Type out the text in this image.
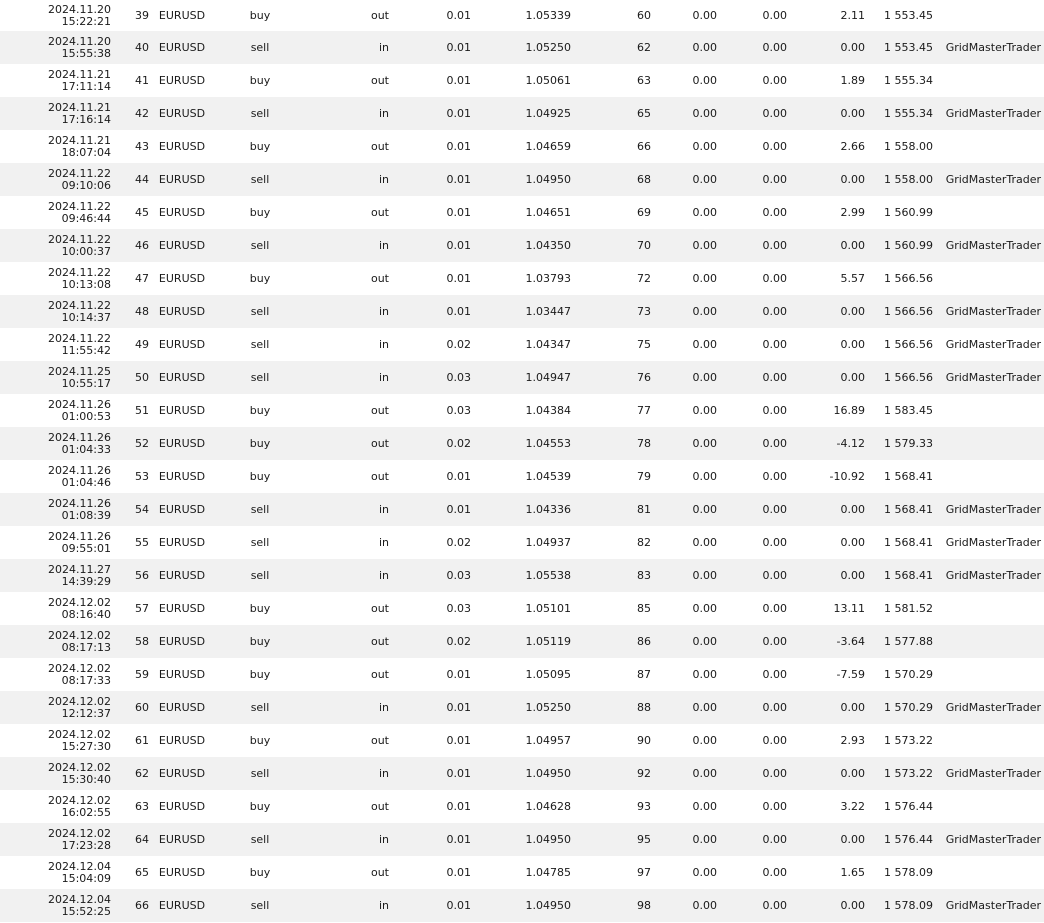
2024.11.20
15:22:21	39	EURUSD	buy	out	0.01	1.05339	60	0.00	0.00	2.11	1 553.45	

2024.11.20
15:55:38	40	EURUSD	sell	in	0.01	1.05250	62	0.00	0.00	0.00	1 553.45	GridMasterTrader

2024.11.21
17:11:14	41	EURUSD	buy	out	0.01	1.05061	63	0.00	0.00	1.89	1 555.34	

2024.11.21
17:16:14	42	EURUSD	sell	in	0.01	1.04925	65	0.00	0.00	0.00	1 555.34	GridMasterTrader

2024.11.21
18:07:04	43	EURUSD	buy	out	0.01	1.04659	66	0.00	0.00	2.66	1 558.00	

2024.11.22
09:10:06	44	EURUSD	sell	in	0.01	1.04950	68	0.00	0.00	0.00	1 558.00	GridMasterTrader

2024.11.22
09:46:44	45	EURUSD	buy	out	0.01	1.04651	69	0.00	0.00	2.99	1 560.99	

2024.11.22
10:00:37	46	EURUSD	sell	in	0.01	1.04350	70	0.00	0.00	0.00	1 560.99	GridMasterTrader

2024.11.22
10:13:08	47	EURUSD	buy	out	0.01	1.03793	72	0.00	0.00	5.57	1 566.56	

2024.11.22
10:14:37	48	EURUSD	sell	in	0.01	1.03447	73	0.00	0.00	0.00	1 566.56	GridMasterTrader

2024.11.22
11:55:42	49	EURUSD	sell	in	0.02	1.04347	75	0.00	0.00	0.00	1 566.56	GridMasterTrader

2024.11.25
10:55:17	50	EURUSD	sell	in	0.03	1.04947	76	0.00	0.00	0.00	1 566.56	GridMasterTrader

2024.11.26
01:00:53	51	EURUSD	buy	out	0.03	1.04384	77	0.00	0.00	16.89	1 583.45	

2024.11.26
01:04:33	52	EURUSD	buy	out	0.02	1.04553	78	0.00	0.00	-4.12	1 579.33	

2024.11.26
01:04:46	53	EURUSD	buy	out	0.01	1.04539	79	0.00	0.00	-10.92	1 568.41	

2024.11.26
01:08:39	54	EURUSD	sell	in	0.01	1.04336	81	0.00	0.00	0.00	1 568.41	GridMasterTrader

2024.11.26
09:55:01	55	EURUSD	sell	in	0.02	1.04937	82	0.00	0.00	0.00	1 568.41	GridMasterTrader

2024.11.27
14:39:29	56	EURUSD	sell	in	0.03	1.05538	83	0.00	0.00	0.00	1 568.41	GridMasterTrader

2024.12.02
08:16:40	57	EURUSD	buy	out	0.03	1.05101	85	0.00	0.00	13.11	1 581.52	

2024.12.02
08:17:13	58	EURUSD	buy	out	0.02	1.05119	86	0.00	0.00	-3.64	1 577.88	

2024.12.02
08:17:33	59	EURUSD	buy	out	0.01	1.05095	87	0.00	0.00	-7.59	1 570.29	

2024.12.02
12:12:37	60	EURUSD	sell	in	0.01	1.05250	88	0.00	0.00	0.00	1 570.29	GridMasterTrader

2024.12.02
15:27:30	61	EURUSD	buy	out	0.01	1.04957	90	0.00	0.00	2.93	1 573.22	

2024.12.02
15:30:40	62	EURUSD	sell	in	0.01	1.04950	92	0.00	0.00	0.00	1 573.22	GridMasterTrader

2024.12.02
16:02:55	63	EURUSD	buy	out	0.01	1.04628	93	0.00	0.00	3.22	1 576.44	

2024.12.02
17:23:28	64	EURUSD	sell	in	0.01	1.04950	95	0.00	0.00	0.00	1 576.44	GridMasterTrader

2024.12.04
15:04:09	65	EURUSD	buy	out	0.01	1.04785	97	0.00	0.00	1.65	1 578.09	

2024.12.04
15:52:25	66	EURUSD	sell	in	0.01	1.04950	98	0.00	0.00	0.00	1 578.09	GridMasterTrader
